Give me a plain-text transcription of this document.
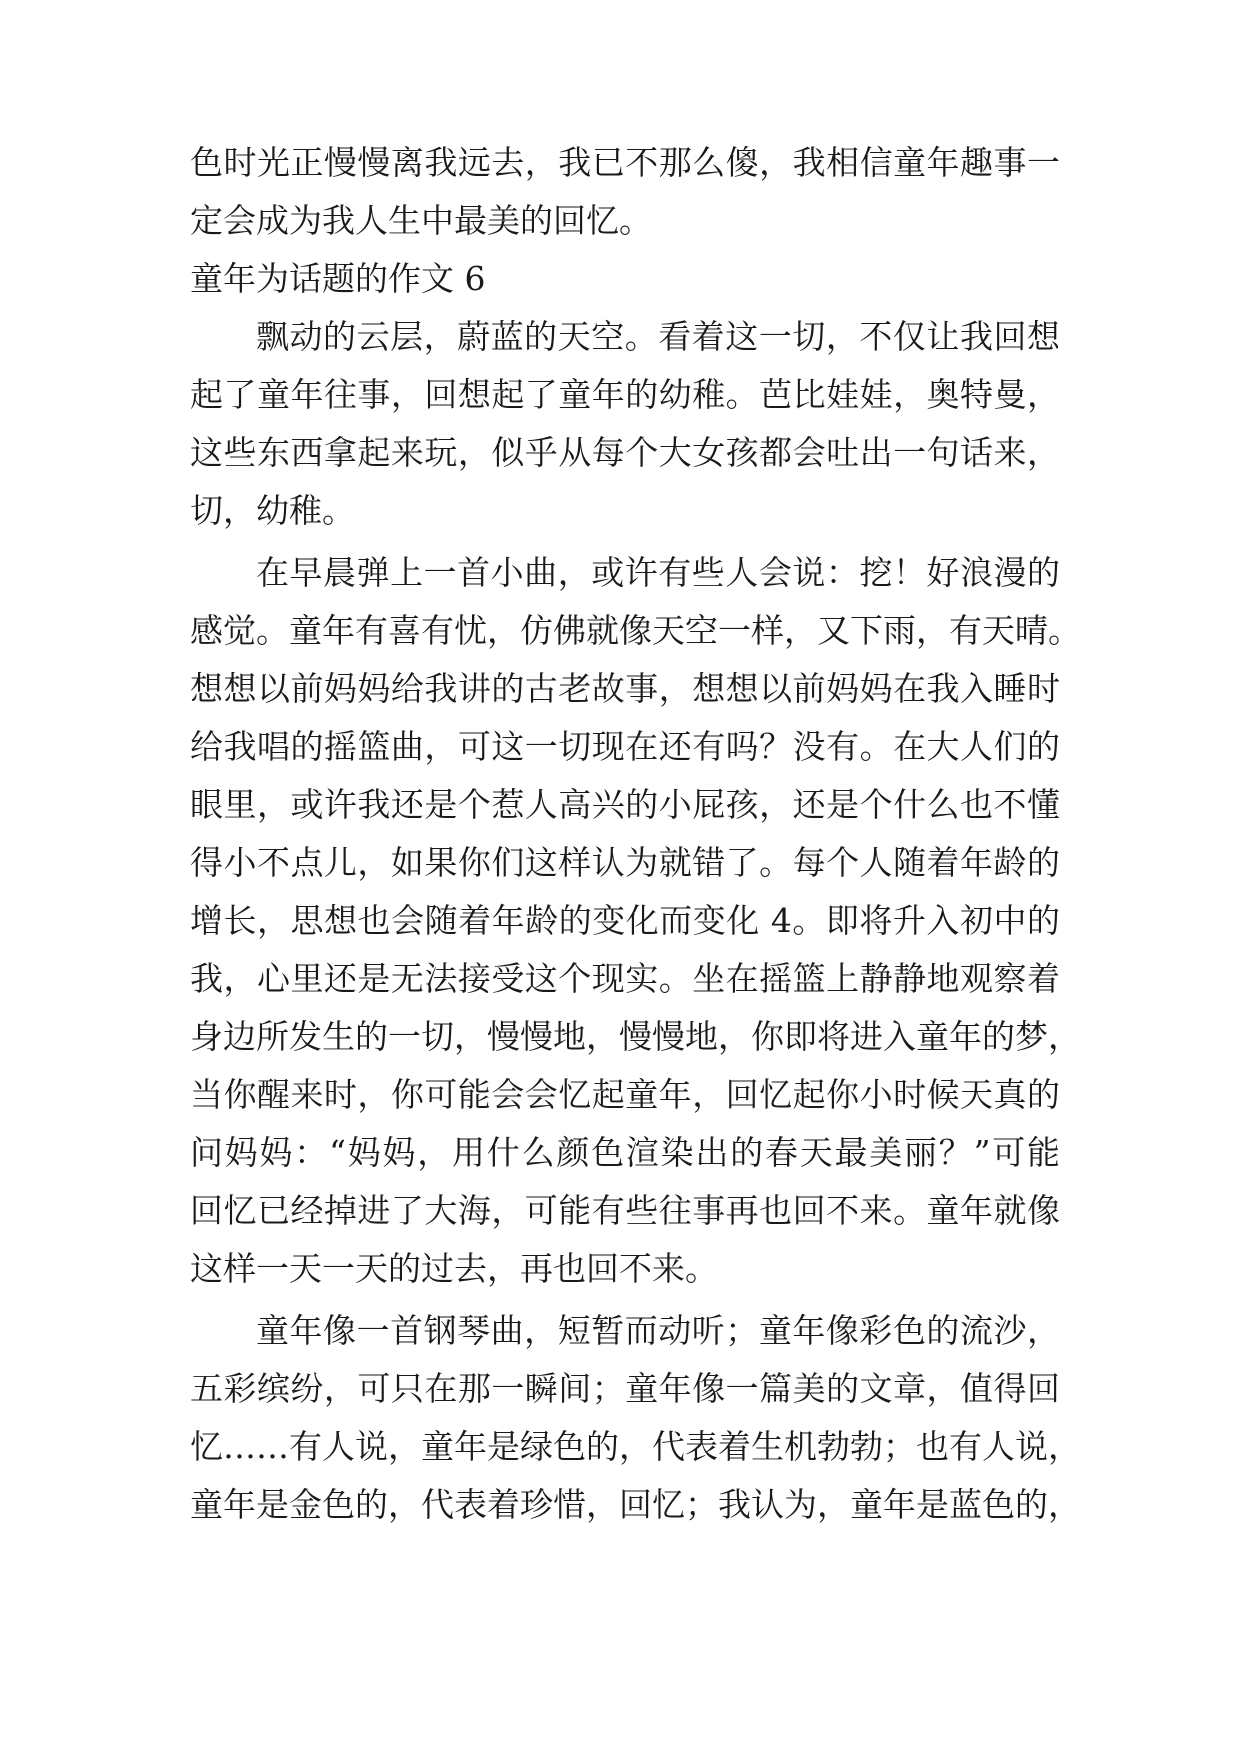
色时光正慢慢离我远去，我已不那么傻，我相信童年趣事一
定会成为我人生中最美的回忆。
童年为话题的作文 6
飘动的云层，蔚蓝的天空。看着这一切，不仅让我回想
起了童年往事，回想起了童年的幼稚。芭比娃娃，奥特曼，
这些东西拿起来玩，似乎从每个大女孩都会吐出一句话来，
切，幼稚。
在早晨弹上一首小曲，或许有些人会说：挖！好浪漫的
感觉。童年有喜有忧，仿佛就像天空一样，又下雨，有天晴。
想想以前妈妈给我讲的古老故事，想想以前妈妈在我入睡时
给我唱的摇篮曲，可这一切现在还有吗？没有。在大人们的
眼里，或许我还是个惹人高兴的小屁孩，还是个什么也不懂
得小不点儿，如果你们这样认为就错了。每个人随着年龄的
增长，思想也会随着年龄的变化而变化 4。即将升入初中的
我，心里还是无法接受这个现实。坐在摇篮上静静地观察着
身边所发生的一切，慢慢地，慢慢地，你即将进入童年的梦，
当你醒来时，你可能会会忆起童年，回忆起你小时候天真的
问妈妈：“妈妈，用什么颜色渲染出的春天最美丽？”可能
回忆已经掉进了大海，可能有些往事再也回不来。童年就像
这样一天一天的过去，再也回不来。
童年像一首钢琴曲，短暂而动听；童年像彩色的流沙，
五彩缤纷，可只在那一瞬间；童年像一篇美的文章，值得回
忆……有人说，童年是绿色的，代表着生机勃勃；也有人说，
童年是金色的，代表着珍惜，回忆；我认为，童年是蓝色的，
